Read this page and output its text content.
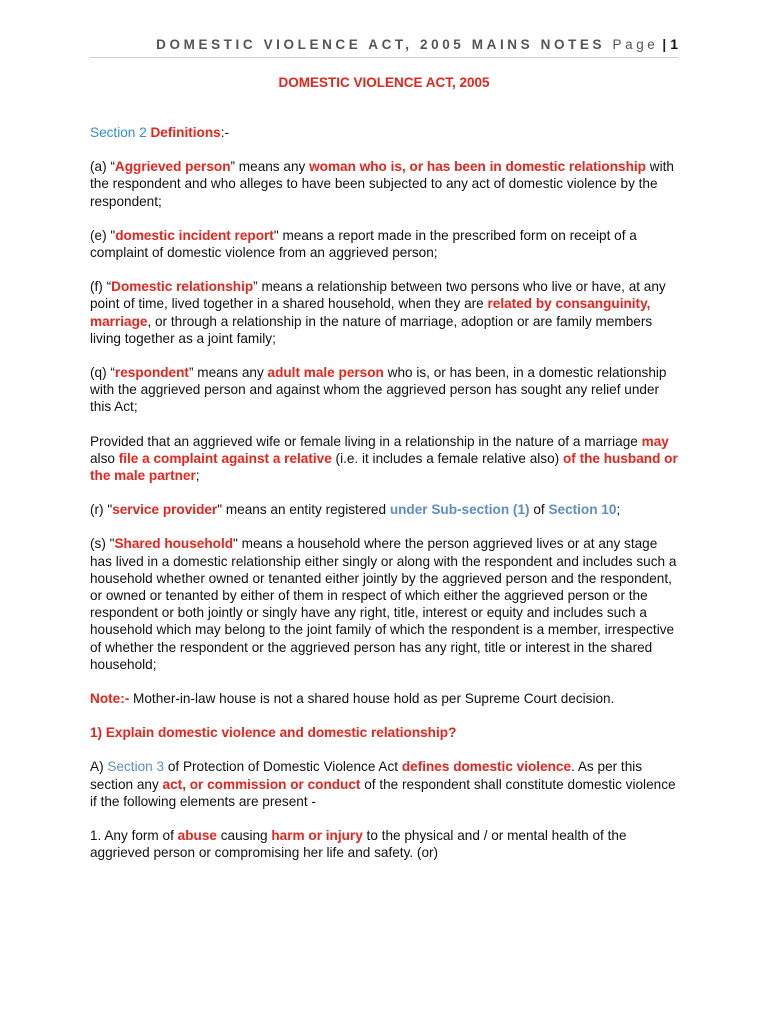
DOMESTIC VIOLENCE ACT, 2005 MAINS NOTES Page | 1
DOMESTIC VIOLENCE ACT, 2005

Section 2 Definitions:-

(a) “Aggrieved person” means any woman who is, or has been in domestic relationship with the respondent and who alleges to have been subjected to any act of domestic violence by the respondent;

(e) "domestic incident report" means a report made in the prescribed form on receipt of a complaint of domestic violence from an aggrieved person;

(f) “Domestic relationship” means a relationship between two persons who live or have, at any point of time, lived together in a shared household, when they are related by consanguinity, marriage, or through a relationship in the nature of marriage, adoption or are family members living together as a joint family;

(q) “respondent” means any adult male person who is, or has been, in a domestic relationship with the aggrieved person and against whom the aggrieved person has sought any relief under this Act;

Provided that an aggrieved wife or female living in a relationship in the nature of a marriage may also file a complaint against a relative (i.e. it includes a female relative also) of the husband or the male partner;

(r) "service provider" means an entity registered under Sub-section (1) of Section 10;

(s) "Shared household" means a household where the person aggrieved lives or at any stage has lived in a domestic relationship either singly or along with the respondent and includes such a household whether owned or tenanted either jointly by the aggrieved person and the respondent, or owned or tenanted by either of them in respect of which either the aggrieved person or the respondent or both jointly or singly have any right, title, interest or equity and includes such a household which may belong to the joint family of which the respondent is a member, irrespective of whether the respondent or the aggrieved person has any right, title or interest in the shared household;

Note:- Mother-in-law house is not a shared house hold as per Supreme Court decision.

1) Explain domestic violence and domestic relationship?

A) Section 3 of Protection of Domestic Violence Act defines domestic violence. As per this section any act, or commission or conduct of the respondent shall constitute domestic violence if the following elements are present -

1. Any form of abuse causing harm or injury to the physical and / or mental health of the aggrieved person or compromising her life and safety. (or)
